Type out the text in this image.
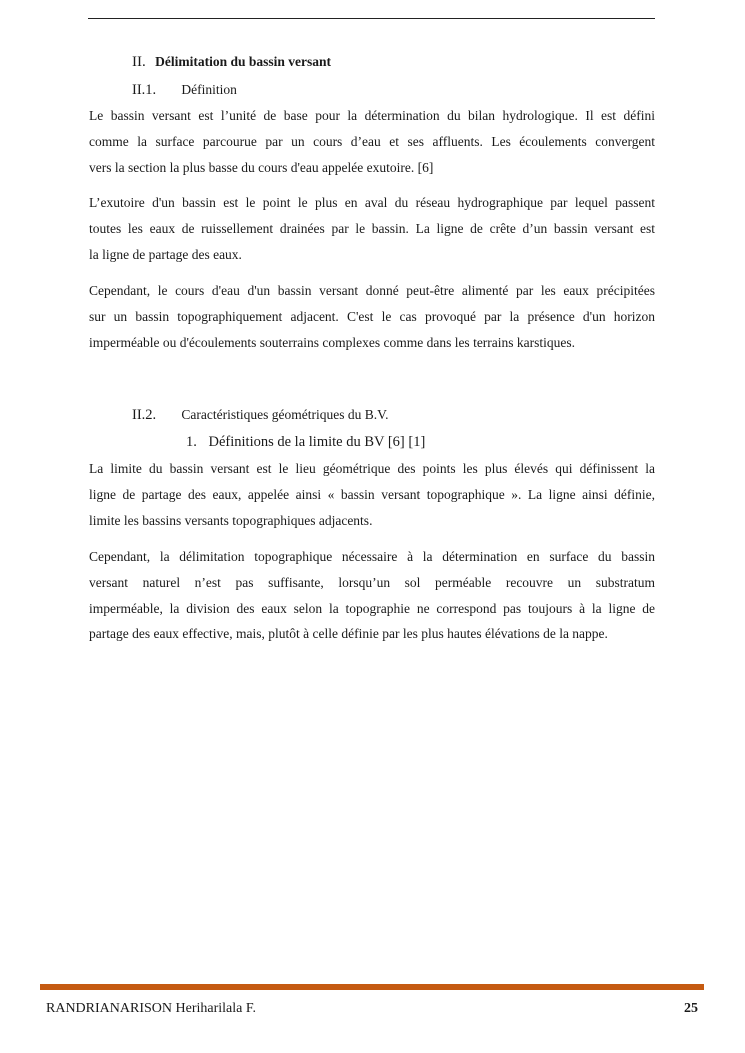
II. Délimitation du bassin versant
II.1. Définition
Le bassin versant est l’unité de base pour la détermination du bilan hydrologique. Il est défini
comme la surface parcourue par un cours d’eau et ses affluents. Les écoulements convergent
vers la section la plus basse du cours d'eau appelée exutoire. [6]
L’exutoire d'un bassin est le point le plus en aval du réseau hydrographique par lequel passent
toutes les eaux de ruissellement drainées par le bassin. La ligne de crête d’un bassin versant est
la ligne de partage des eaux.
Cependant, le cours d'eau d'un bassin versant donné peut-être alimenté par les eaux précipitées
sur un bassin topographiquement adjacent. C'est le cas provoqué par la présence d'un horizon
imperméable ou d'écoulements souterrains complexes comme dans les terrains karstiques.
II.2. Caractéristiques géométriques du B.V.
1. Définitions de la limite du BV [6] [1]
La limite du bassin versant est le lieu géométrique des points les plus élevés qui définissent la
ligne de partage des eaux, appelée ainsi « bassin versant topographique ». La ligne ainsi définie,
limite les bassins versants topographiques adjacents.
Cependant, la délimitation topographique nécessaire à la détermination en surface du bassin
versant naturel n’est pas suffisante, lorsqu’un sol perméable recouvre un substratum
imperméable, la division des eaux selon la topographie ne correspond pas toujours à la ligne de
partage des eaux effective, mais, plutôt à celle définie par les plus hautes élévations de la nappe.
RANDRIANARISON Heriharilala F.	25
